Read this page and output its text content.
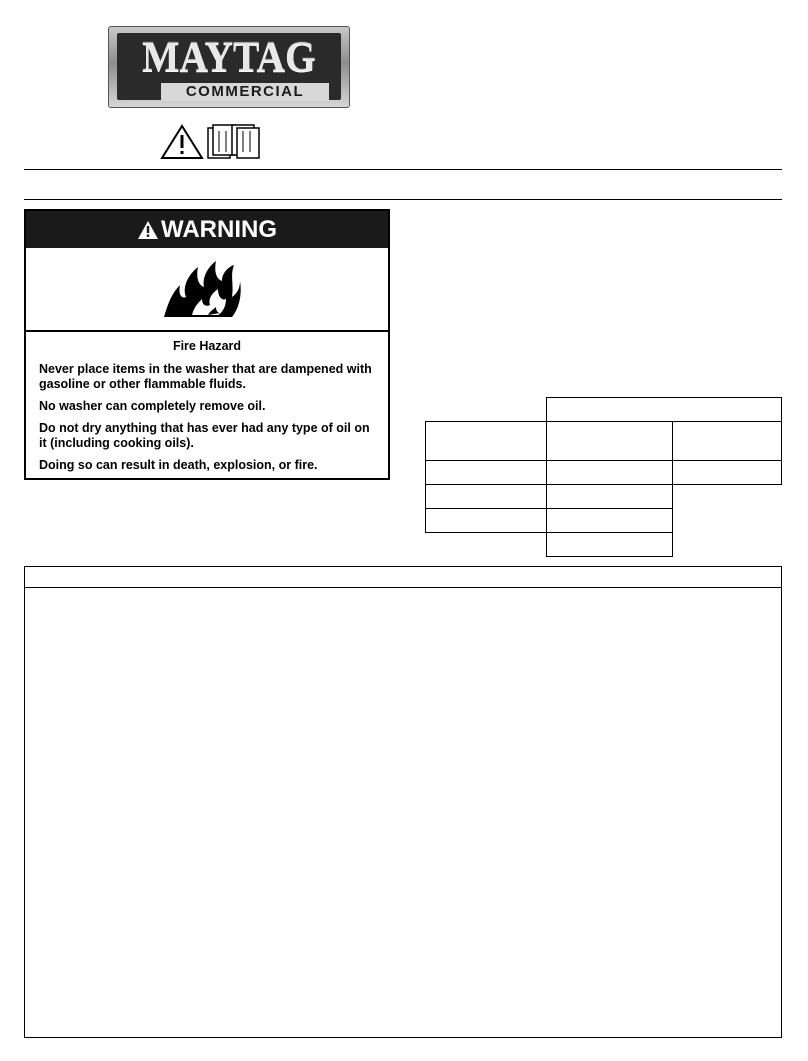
MAYTAG
COMMERCIAL
WARNING
Fire Hazard
Never place items in the washer that are dampened with gasoline or other flammable fluids.
No washer can completely remove oil.
Do not dry anything that has ever had any type of oil on it (including cooking oils).
Doing so can result in death, explosion, or fire.
